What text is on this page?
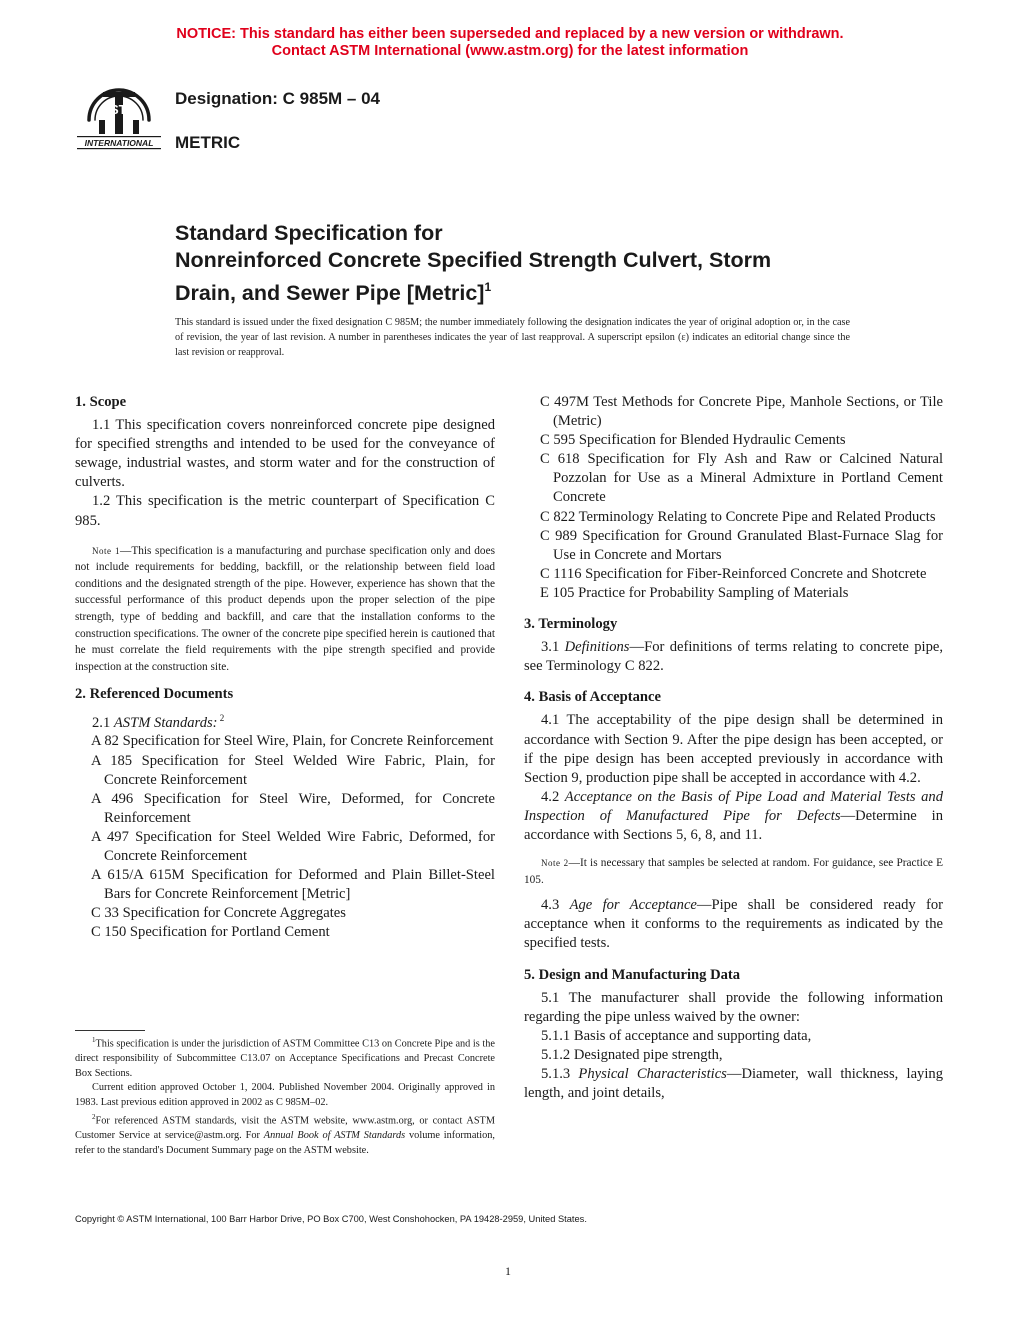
NOTICE: This standard has either been superseded and replaced by a new version or withdrawn.
Contact ASTM International (www.astm.org) for the latest information
ASTM
INTERNATIONAL
Designation: C 985M – 04
METRIC
Standard Specification for
Nonreinforced Concrete Specified Strength Culvert, Storm
Drain, and Sewer Pipe [Metric]$^1$
This standard is issued under the fixed designation C 985M; the number immediately following the designation indicates the year of original adoption or, in the case of revision, the year of last revision. A number in parentheses indicates the year of last reapproval. A superscript epsilon (ε) indicates an editorial change since the last revision or reapproval.

1. Scope

1.1 This specification covers nonreinforced concrete pipe designed for specified strengths and intended to be used for the conveyance of sewage, industrial wastes, and storm water and for the construction of culverts.

1.2 This specification is the metric counterpart of Specification C 985.

Note 1—This specification is a manufacturing and purchase specification only and does not include requirements for bedding, backfill, or the relationship between field load conditions and the designated strength of the pipe. However, experience has shown that the successful performance of this product depends upon the proper selection of the pipe strength, type of bedding and backfill, and care that the installation conforms to the construction specifications. The owner of the concrete pipe specified herein is cautioned that he must correlate the field requirements with the pipe strength specified and provide inspection at the construction site.

2. Referenced Documents

2.1 ASTM Standards: $^2$

A 82 Specification for Steel Wire, Plain, for Concrete Reinforcement

A 185 Specification for Steel Welded Wire Fabric, Plain, for Concrete Reinforcement

A 496 Specification for Steel Wire, Deformed, for Concrete Reinforcement

A 497 Specification for Steel Welded Wire Fabric, Deformed, for Concrete Reinforcement

A 615/A 615M Specification for Deformed and Plain Billet-Steel Bars for Concrete Reinforcement [Metric]

C 33 Specification for Concrete Aggregates

C 150 Specification for Portland Cement

$^1$This specification is under the jurisdiction of ASTM Committee C13 on Concrete Pipe and is the direct responsibility of Subcommittee C13.07 on Acceptance Specifications and Precast Concrete Box Sections.
Current edition approved October 1, 2004. Published November 2004. Originally approved in 1983. Last previous edition approved in 2002 as C 985M–02.
$^2$For referenced ASTM standards, visit the ASTM website, www.astm.org, or contact ASTM Customer Service at service@astm.org. For Annual Book of ASTM Standards volume information, refer to the standard's Document Summary page on the ASTM website.

C 497M Test Methods for Concrete Pipe, Manhole Sections, or Tile (Metric)

C 595 Specification for Blended Hydraulic Cements

C 618 Specification for Fly Ash and Raw or Calcined Natural Pozzolan for Use as a Mineral Admixture in Portland Cement Concrete

C 822 Terminology Relating to Concrete Pipe and Related Products

C 989 Specification for Ground Granulated Blast-Furnace Slag for Use in Concrete and Mortars

C 1116 Specification for Fiber-Reinforced Concrete and Shotcrete

E 105 Practice for Probability Sampling of Materials

3. Terminology

3.1 Definitions—For definitions of terms relating to concrete pipe, see Terminology C 822.

4. Basis of Acceptance

4.1 The acceptability of the pipe design shall be determined in accordance with Section 9. After the pipe design has been accepted, or if the pipe design has been accepted previously in accordance with Section 9, production pipe shall be accepted in accordance with 4.2.

4.2 Acceptance on the Basis of Pipe Load and Material Tests and Inspection of Manufactured Pipe for Defects—Determine in accordance with Sections 5, 6, 8, and 11.

Note 2—It is necessary that samples be selected at random. For guidance, see Practice E 105.

4.3 Age for Acceptance—Pipe shall be considered ready for acceptance when it conforms to the requirements as indicated by the specified tests.

5. Design and Manufacturing Data

5.1 The manufacturer shall provide the following information regarding the pipe unless waived by the owner:

5.1.1 Basis of acceptance and supporting data,

5.1.2 Designated pipe strength,

5.1.3 Physical Characteristics—Diameter, wall thickness, laying length, and joint details,

Copyright © ASTM International, 100 Barr Harbor Drive, PO Box C700, West Conshohocken, PA 19428-2959, United States.
1
